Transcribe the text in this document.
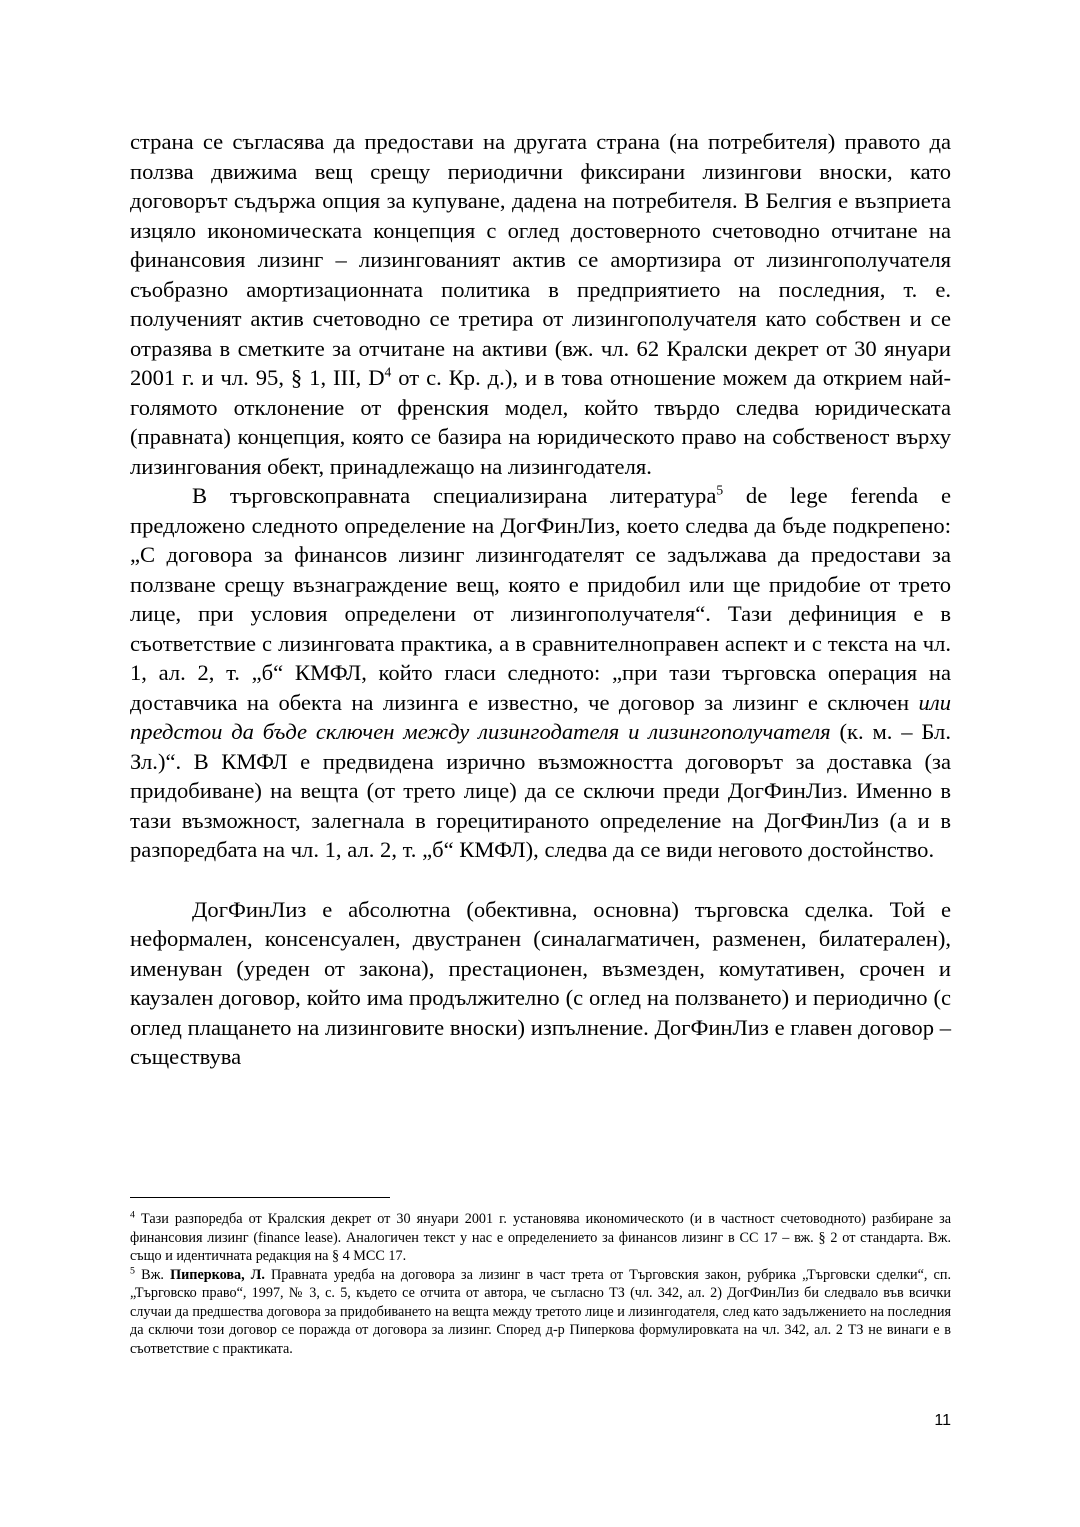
страна се съгласява да предостави на другата страна (на потребителя) правото да ползва движима вещ срещу периодични фиксирани лизингови вноски, като договорът съдържа опция за купуване, дадена на потребителя. В Белгия е възприета изцяло икономическата концепция с оглед достоверното счетоводно отчитане на финансовия лизинг – лизингованият актив се амортизира от лизингополучателя съобразно амортизационната политика в предприятието на последния, т. е. полученият актив счетоводно се третира от лизингополучателя като собствен и се отразява в сметките за отчитане на активи (вж. чл. 62 Кралски декрет от 30 януари 2001 г. и чл. 95, § 1, III, $D^4$ от с. Кр. д.), и в това отношение можем да открием най-голямото отклонение от френския модел, който твърдо следва юридическата (правната) концепция, която се базира на юридическото право на собственост върху лизингования обект, принадлежащо на лизингодателя.

В търговскоправната специализирана литература$^5$ de lege ferenda е предложено следното определение на ДогФинЛиз, което следва да бъде подкрепено: „С договора за финансов лизинг лизингодателят се задължава да предостави за ползване срещу възнаграждение вещ, която е придобил или ще придобие от трето лице, при условия определени от лизингополучателя“. Тази дефиниция е в съответствие с лизинговата практика, а в сравнителноправен аспект и с текста на чл. 1, ал. 2, т. „б“ КМФЛ, който гласи следното: „при тази търговска операция на доставчика на обекта на лизинга е известно, че договор за лизинг е сключен или предстои да бъде сключен между лизингодателя и лизингополучателя (к. м. – Бл. Зл.)“. В КМФЛ е предвидена изрично възможността договорът за доставка (за придобиване) на вещта (от трето лице) да се сключи преди ДогФинЛиз. Именно в тази възможност, залегнала в горецитираното определение на ДогФинЛиз (а и в разпоредбата на чл. 1, ал. 2, т. „б“ КМФЛ), следва да се види неговото достойнство.

ДогФинЛиз е абсолютна (обективна, основна) търговска сделка. Той е неформален, консенсуален, двустранен (синалагматичен, разменен, билатерален), именуван (уреден от закона), престационен, възмезден, комутативен, срочен и каузален договор, който има продължително (с оглед на ползването) и периодично (с оглед плащането на лизинговите вноски) изпълнение. ДогФинЛиз е главен договор – съществува

$^4$ Тази разпоредба от Кралския декрет от 30 януари 2001 г. установява икономическото (и в частност счетоводното) разбиране за финансовия лизинг (finance lease). Аналогичен текст у нас е определението за финансов лизинг в СС 17 – вж. § 2 от стандарта. Вж. също и идентичната редакция на § 4 МСС 17.

$^5$ Вж. Пиперкова, Л. Правната уредба на договора за лизинг в част трета от Търговския закон, рубрика „Търговски сделки“, сп. „Търговско право“, 1997, № 3, с. 5, където се отчита от автора, че съгласно ТЗ (чл. 342, ал. 2) ДогФинЛиз би следвало във всички случаи да предшества договора за придобиването на вещта между третото лице и лизингодателя, след като задължението на последния да сключи този договор се поражда от договора за лизинг. Според д-р Пиперкова формулировката на чл. 342, ал. 2 ТЗ не винаги е в съответствие с практиката.

11
